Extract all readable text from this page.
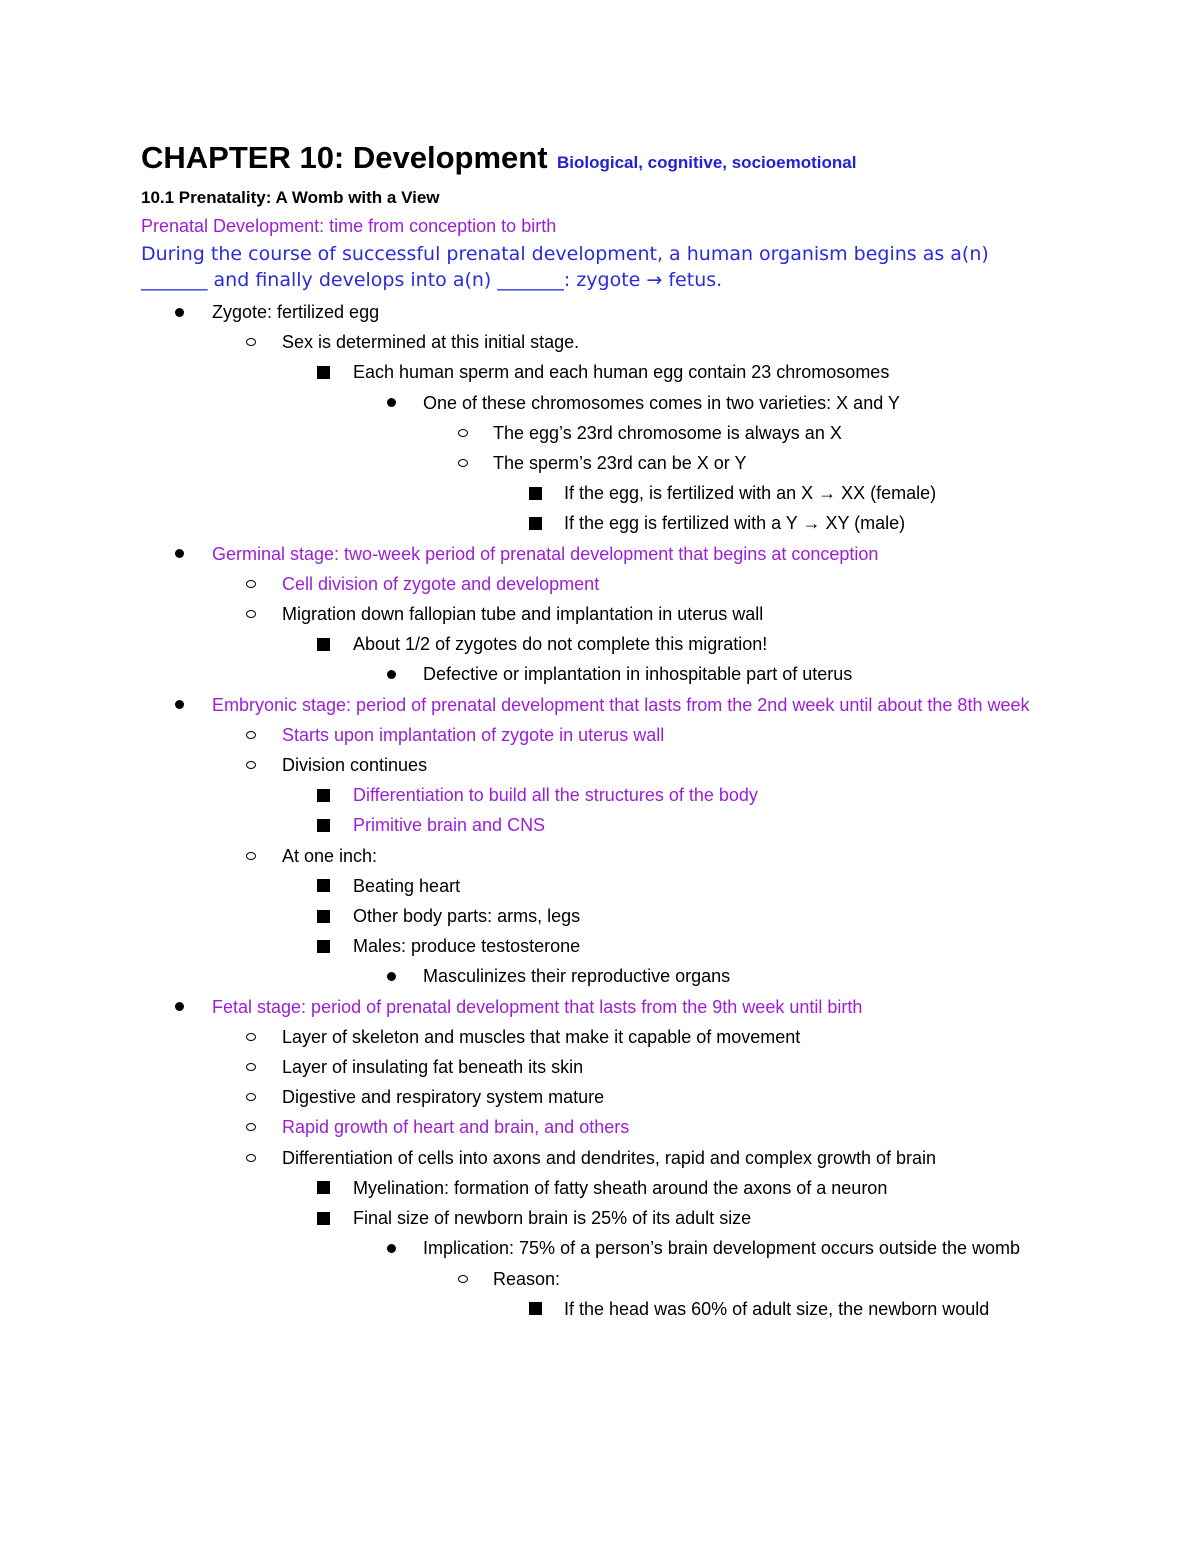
CHAPTER 10: Development Biological, cognitive, socioemotional
10.1 Prenatality: A Womb with a View
Prenatal Development: time from conception to birth
During the course of successful prenatal development, a human organism begins as a(n)
_______ and finally develops into a(n) _______: zygote → fetus.
Zygote: fertilized egg
Sex is determined at this initial stage.
Each human sperm and each human egg contain 23 chromosomes
One of these chromosomes comes in two varieties: X and Y
The egg’s 23rd chromosome is always an X
The sperm’s 23rd can be X or Y
If the egg, is fertilized with an X → XX (female)
If the egg is fertilized with a Y → XY (male)
Germinal stage: two-week period of prenatal development that begins at conception
Cell division of zygote and development
Migration down fallopian tube and implantation in uterus wall
About 1/2 of zygotes do not complete this migration!
Defective or implantation in inhospitable part of uterus
Embryonic stage: period of prenatal development that lasts from the 2nd week until about the 8th week
Starts upon implantation of zygote in uterus wall
Division continues
Differentiation to build all the structures of the body
Primitive brain and CNS
At one inch:
Beating heart
Other body parts: arms, legs
Males: produce testosterone
Masculinizes their reproductive organs
Fetal stage: period of prenatal development that lasts from the 9th week until birth
Layer of skeleton and muscles that make it capable of movement
Layer of insulating fat beneath its skin
Digestive and respiratory system mature
Rapid growth of heart and brain, and others
Differentiation of cells into axons and dendrites, rapid and complex growth of brain
Myelination: formation of fatty sheath around the axons of a neuron
Final size of newborn brain is 25% of its adult size
Implication: 75% of a person’s brain development occurs outside the womb
Reason:
If the head was 60% of adult size, the newborn would
